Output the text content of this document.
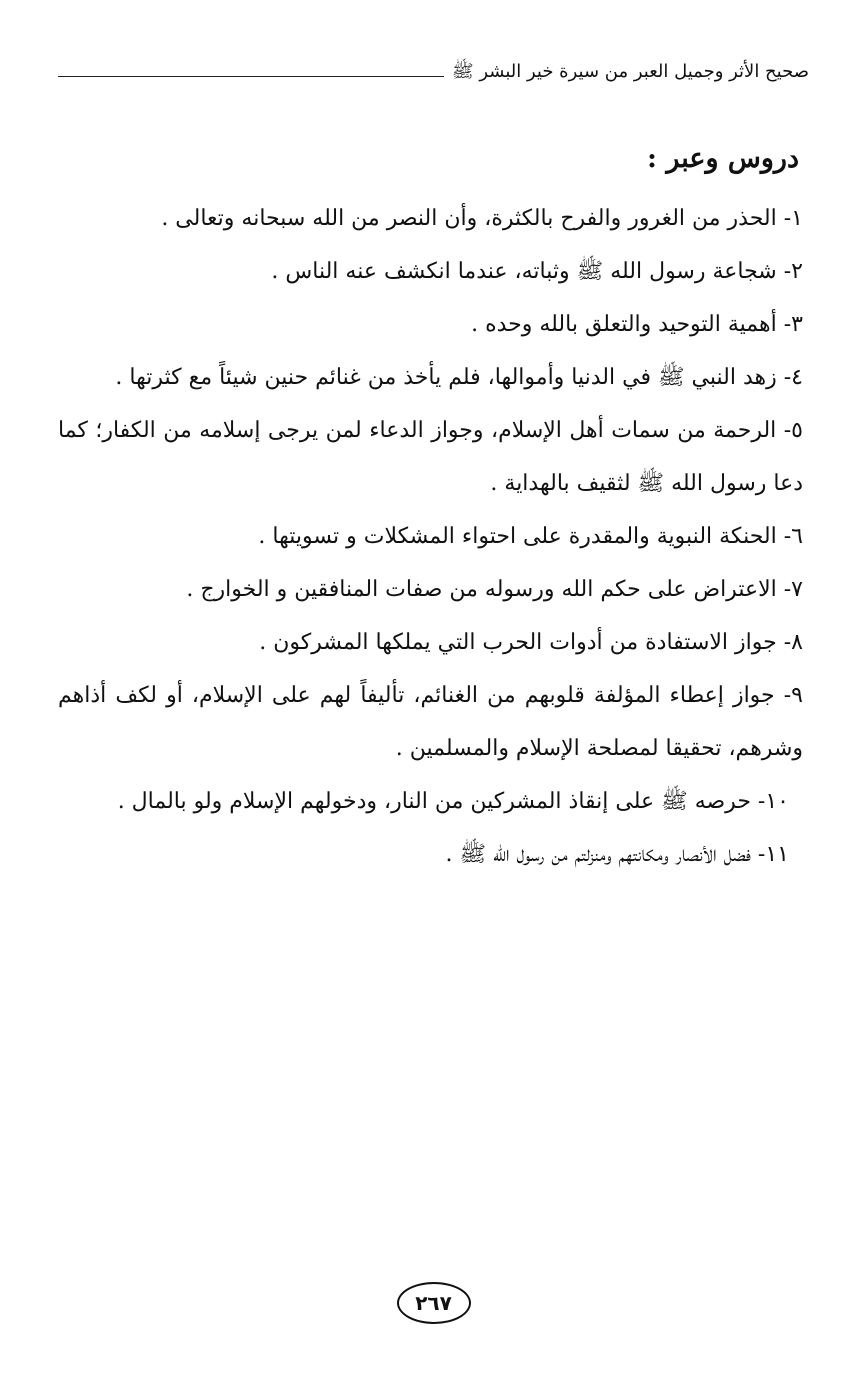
صحيح الأثر وجميل العبر من سيرة خير البشر ﷺ
دروس وعبر :
١- الحذر من الغرور والفرح بالكثرة، وأن النصر من الله سبحانه وتعالى .
٢- شجاعة رسول الله ﷺ وثباته، عندما انكشف عنه الناس .
٣- أهمية التوحيد والتعلق بالله وحده .
٤- زهد النبي ﷺ في الدنيا وأموالها، فلم يأخذ من غنائم حنين شيئاً مع كثرتها .
٥- الرحمة من سمات أهل الإسلام، وجواز الدعاء لمن يرجى إسلامه من الكفار؛ كما دعا رسول الله ﷺ لثقيف بالهداية .
٦- الحنكة النبوية والمقدرة على احتواء المشكلات و تسويتها .
٧- الاعتراض على حكم الله ورسوله من صفات المنافقين و الخوارج .
٨- جواز الاستفادة من أدوات الحرب التي يملكها المشركون .
٩- جواز إعطاء المؤلفة قلوبهم من الغنائم، تأليفاً لهم على الإسلام، أو لكف أذاهم وشرهم، تحقيقا لمصلحة الإسلام والمسلمين .
١٠- حرصه ﷺ على إنقاذ المشركين من النار، ودخولهم الإسلام ولو بالمال .
١١- فضل الأنصار ومكانتهم ومنزلتم من رسول الله ﷺ .
٢٦٧
